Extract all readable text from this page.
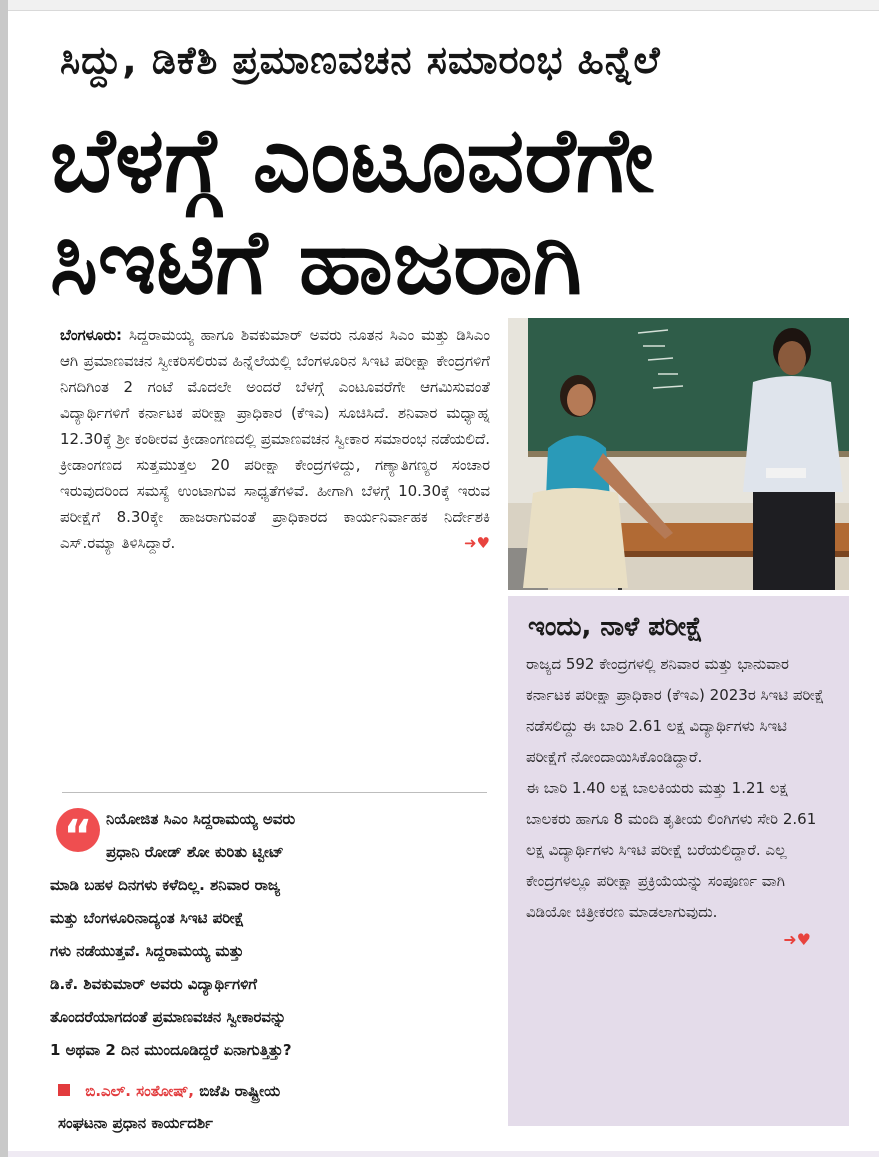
ಸಿದ್ದು, ಡಿಕೆಶಿ ಪ್ರಮಾಣವಚನ ಸಮಾರಂಭ ಹಿನ್ನೆಲೆ
ಬೆಳಗ್ಗೆ ಎಂಟೂವರೆಗೇ
ಸಿಇಟಿಗೆ ಹಾಜರಾಗಿ
ಬೆಂಗಳೂರು: ಸಿದ್ದರಾಮಯ್ಯ ಹಾಗೂ ಶಿವಕುಮಾರ್ ಅವರು ನೂತನ ಸಿಎಂ ಮತ್ತು ಡಿಸಿಎಂ ಆಗಿ ಪ್ರಮಾಣವಚನ ಸ್ವೀಕರಿಸಲಿರುವ ಹಿನ್ನೆಲೆಯಲ್ಲಿ ಬೆಂಗಳೂರಿನ ಸಿಇಟಿ ಪರೀಕ್ಷಾ ಕೇಂದ್ರಗಳಿಗೆ ನಿಗದಿಗಿಂತ 2 ಗಂಟೆ ಮೊದಲೇ ಅಂದರೆ ಬೆಳಗ್ಗೆ ಎಂಟೂವರೆಗೇ ಆಗಮಿಸುವಂತೆ ವಿದ್ಯಾರ್ಥಿಗಳಿಗೆ ಕರ್ನಾಟಕ ಪರೀಕ್ಷಾ ಪ್ರಾಧಿಕಾರ (ಕೆಇಎ) ಸೂಚಿಸಿದೆ. ಶನಿವಾರ ಮಧ್ಯಾಹ್ನ 12.30ಕ್ಕೆ ಶ್ರೀ ಕಂಠೀರವ ಕ್ರೀಡಾಂಗಣದಲ್ಲಿ ಪ್ರಮಾಣವಚನ ಸ್ವೀಕಾರ ಸಮಾರಂಭ ನಡೆಯಲಿದೆ. ಕ್ರೀಡಾಂಗಣದ ಸುತ್ತಮುತ್ತಲ 20 ಪರೀಕ್ಷಾ ಕೇಂದ್ರಗಳಿದ್ದು, ಗಣ್ಯಾತಿಗಣ್ಯರ ಸಂಚಾರ ಇರುವುದರಿಂದ ಸಮಸ್ಯೆ ಉಂಟಾಗುವ ಸಾಧ್ಯತೆಗಳಿವೆ. ಹೀಗಾಗಿ ಬೆಳಗ್ಗೆ 10.30ಕ್ಕೆ ಇರುವ ಪರೀಕ್ಷೆಗೆ 8.30ಕ್ಕೇ ಹಾಜರಾಗುವಂತೆ ಪ್ರಾಧಿಕಾರದ ಕಾರ್ಯನಿರ್ವಾಹಕ ನಿರ್ದೇಶಕಿ ಎಸ್.ರಮ್ಯಾ ತಿಳಿಸಿದ್ದಾರೆ.	➜♥
“ ನಿಯೋಜಿತ ಸಿಎಂ ಸಿದ್ದರಾಮಯ್ಯ ಅವರು
ಪ್ರಧಾನಿ ರೋಡ್ ಶೋ ಕುರಿತು ಟ್ವೀಟ್
ಮಾಡಿ ಬಹಳ ದಿನಗಳು ಕಳೆದಿಲ್ಲ. ಶನಿವಾರ ರಾಜ್ಯ
ಮತ್ತು ಬೆಂಗಳೂರಿನಾದ್ಯಂತ ಸಿಇಟಿ ಪರೀಕ್ಷೆ
ಗಳು ನಡೆಯುತ್ತವೆ. ಸಿದ್ದರಾಮಯ್ಯ ಮತ್ತು
ಡಿ.ಕೆ. ಶಿವಕುಮಾರ್ ಅವರು ವಿದ್ಯಾರ್ಥಿಗಳಿಗೆ
ತೊಂದರೆಯಾಗದಂತೆ ಪ್ರಮಾಣವಚನ ಸ್ವೀಕಾರವನ್ನು
1 ಅಥವಾ 2 ದಿನ ಮುಂದೂಡಿದ್ದರೆ ಏನಾಗುತ್ತಿತ್ತು?
ಬಿ.ಎಲ್. ಸಂತೋಷ್, ಬಿಜೆಪಿ ರಾಷ್ಟ್ರೀಯ
ಸಂಘಟನಾ ಪ್ರಧಾನ ಕಾರ್ಯದರ್ಶಿ
ಇಂದು, ನಾಳೆ ಪರೀಕ್ಷೆ
ರಾಜ್ಯದ 592 ಕೇಂದ್ರಗಳಲ್ಲಿ ಶನಿವಾರ ಮತ್ತು ಭಾನುವಾರ ಕರ್ನಾಟಕ ಪರೀಕ್ಷಾ ಪ್ರಾಧಿಕಾರ (ಕೆಇಎ) 2023ರ ಸಿಇಟಿ ಪರೀಕ್ಷೆ ನಡೆಸಲಿದ್ದು ಈ ಬಾರಿ 2.61 ಲಕ್ಷ ವಿದ್ಯಾರ್ಥಿಗಳು ಸಿಇಟಿ ಪರೀಕ್ಷೆಗೆ ನೋಂದಾಯಿಸಿಕೊಂಡಿದ್ದಾರೆ.
ಈ ಬಾರಿ 1.40 ಲಕ್ಷ ಬಾಲಕಿಯರು ಮತ್ತು 1.21 ಲಕ್ಷ ಬಾಲಕರು ಹಾಗೂ 8 ಮಂದಿ ತೃತೀಯ ಲಿಂಗಿಗಳು ಸೇರಿ 2.61 ಲಕ್ಷ ವಿದ್ಯಾರ್ಥಿಗಳು ಸಿಇಟಿ ಪರೀಕ್ಷೆ ಬರೆಯಲಿದ್ದಾರೆ. ಎಲ್ಲ ಕೇಂದ್ರಗಳಲ್ಲೂ ಪರೀಕ್ಷಾ ಪ್ರಕ್ರಿಯೆಯನ್ನು ಸಂಪೂರ್ಣ ವಾಗಿ ವಿಡಿಯೋ ಚಿತ್ರೀಕರಣ ಮಾಡಲಾಗುವುದು.
➜♥
